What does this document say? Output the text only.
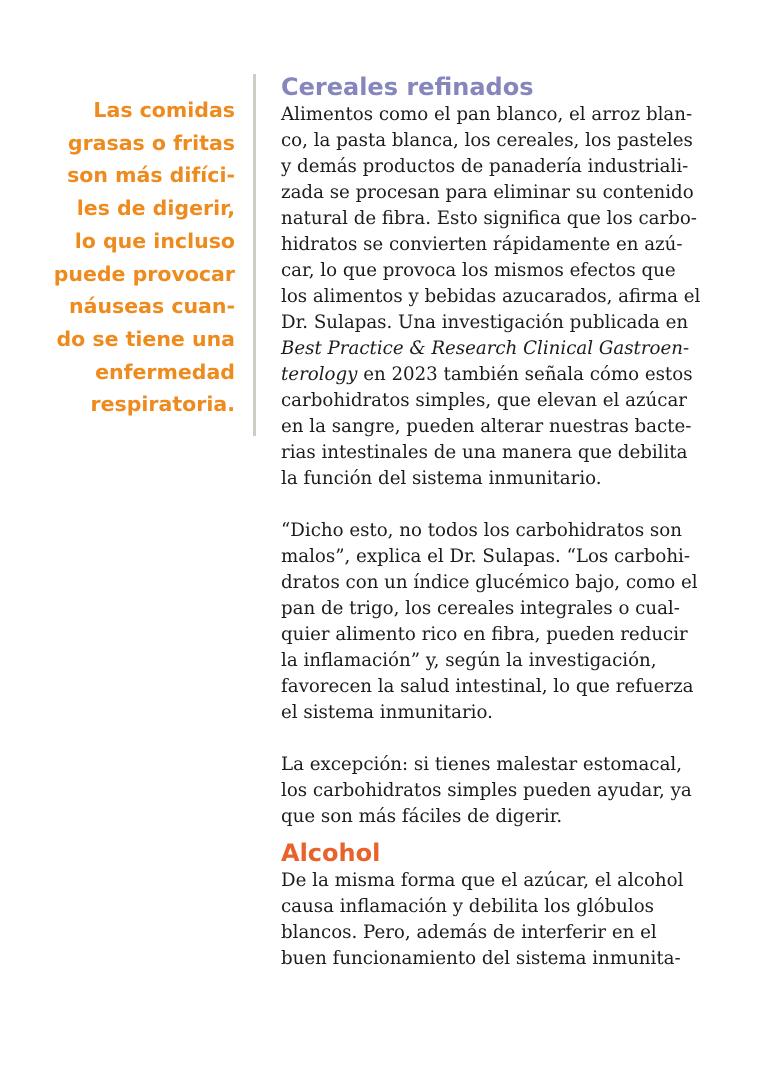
Las comidas
grasas o fritas
son más difíci-
les de digerir,
lo que incluso
puede provocar
náuseas cuan-
do se tiene una
enfermedad
respiratoria.
Cereales refinados
Alimentos como el pan blanco, el arroz blan-
co, la pasta blanca, los cereales, los pasteles
y demás productos de panadería industriali-
zada se procesan para eliminar su contenido
natural de fibra. Esto significa que los carbo-
hidratos se convierten rápidamente en azú-
car, lo que provoca los mismos efectos que
los alimentos y bebidas azucarados, afirma el
Dr. Sulapas. Una investigación publicada en
Best Practice & Research Clinical Gastroen-
terology en 2023 también señala cómo estos
carbohidratos simples, que elevan el azúcar
en la sangre, pueden alterar nuestras bacte-
rias intestinales de una manera que debilita
la función del sistema inmunitario.
“Dicho esto, no todos los carbohidratos son
malos”, explica el Dr. Sulapas. “Los carbohi-
dratos con un índice glucémico bajo, como el
pan de trigo, los cereales integrales o cual-
quier alimento rico en fibra, pueden reducir
la inflamación” y, según la investigación,
favorecen la salud intestinal, lo que refuerza
el sistema inmunitario.
La excepción: si tienes malestar estomacal,
los carbohidratos simples pueden ayudar, ya
que son más fáciles de digerir.
Alcohol
De la misma forma que el azúcar, el alcohol
causa inflamación y debilita los glóbulos
blancos. Pero, además de interferir en el
buen funcionamiento del sistema inmunita-
